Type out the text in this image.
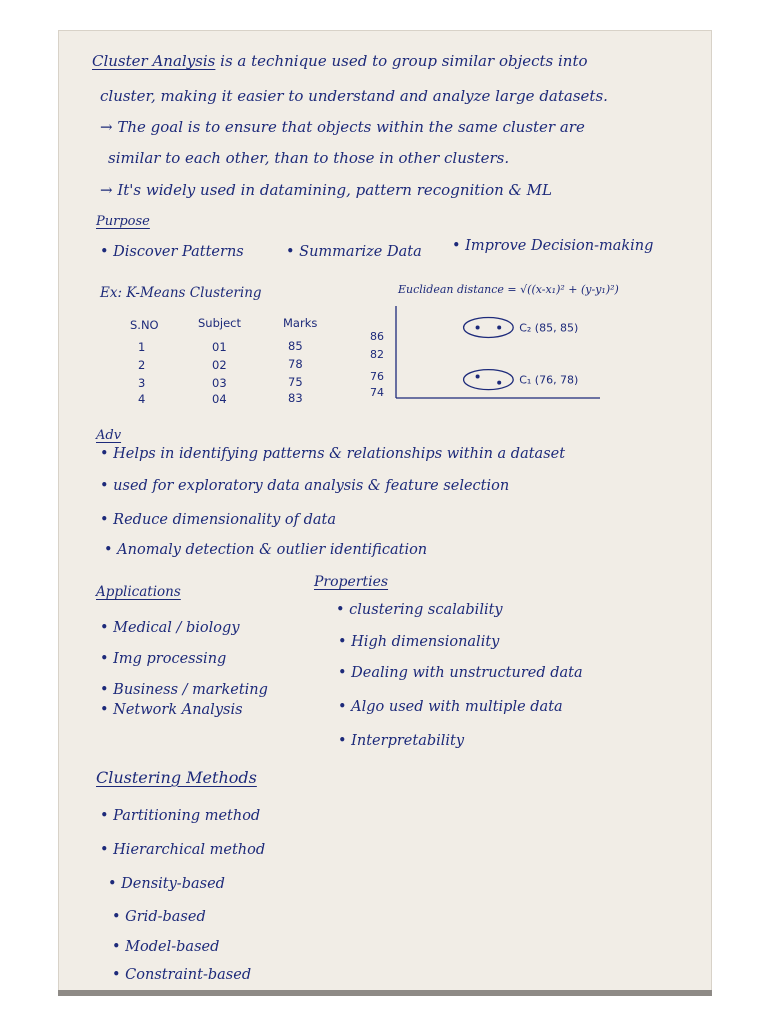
Cluster Analysis is a technique used to group similar objects into
cluster, making it easier to understand and analyze large datasets.
→ The goal is to ensure that objects within the same cluster are
similar to each other, than to those in other clusters.
→ It's widely used in datamining, pattern recognition & ML
Purpose
• Discover Patterns	• Summarize Data • Improve Decision-making
Ex: K-Means Clustering	Euclidean distance = √((x-x₁)² + (y-y₁)²)
S.NO	Subject	Marks
1	01	85
2	02	78
3	03	75
4	04	83
86
82
76
74
C₂ (85, 85)
C₁ (76, 78)
Adv
• Helps in identifying patterns & relationships within a dataset
• used for exploratory data analysis & feature selection
• Reduce dimensionality of data
• Anomaly detection & outlier identification
Applications
• Medical / biology
• Img processing
• Business / marketing
• Network Analysis
Properties
• clustering scalability
• High dimensionality
• Dealing with unstructured data
• Algo used with multiple data
• Interpretability
Clustering Methods
• Partitioning method
• Hierarchical method
• Density-based
• Grid-based
• Model-based
• Constraint-based
